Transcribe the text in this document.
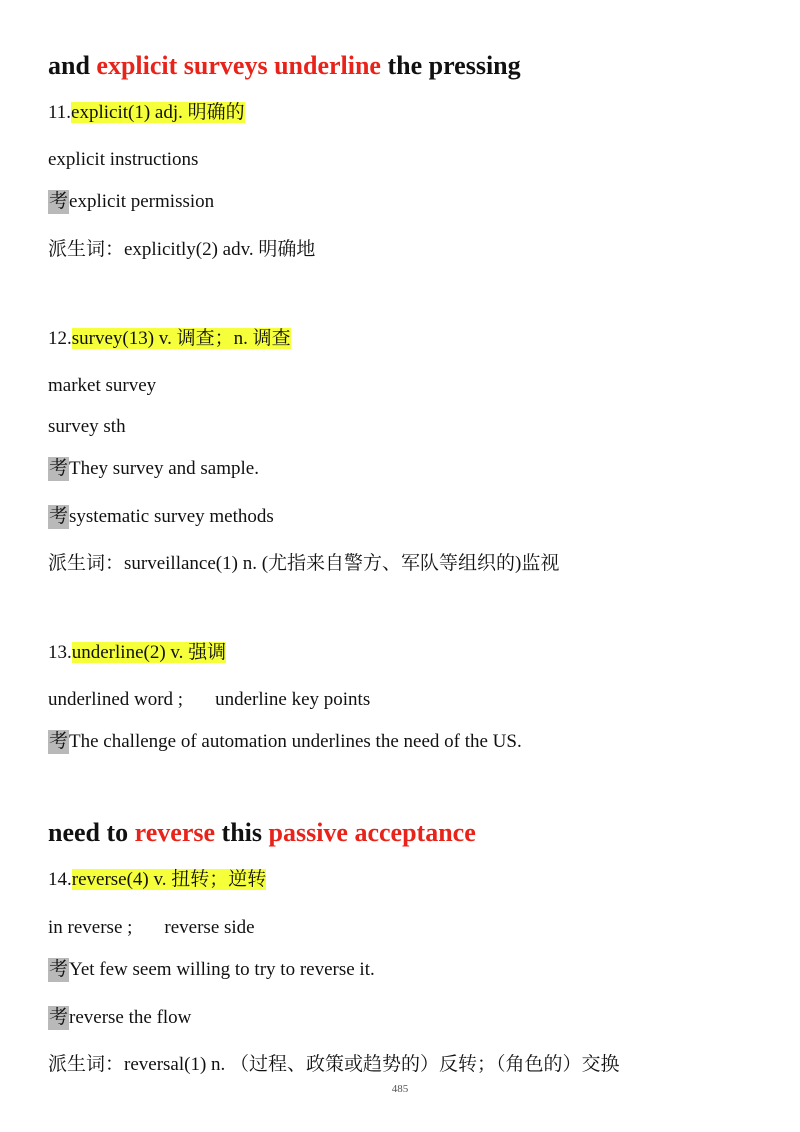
and explicit surveys underline the pressing
11.explicit(1) adj. 明确的
explicit instructions
考explicit permission
派生词：explicitly(2) adv. 明确地
12.survey(13) v. 调查；n. 调查
market survey
survey sth
考They survey and sample.
考systematic survey methods
派生词：surveillance(1) n. (尤指来自警方、军队等组织的)监视
13.underline(2) v. 强调
underlined word ; underline key points
考The challenge of automation underlines the need of the US.
need to reverse this passive acceptance
14.reverse(4) v. 扭转；逆转
in reverse ; reverse side
考Yet few seem willing to try to reverse it.
考reverse the flow
派生词：reversal(1) n. （过程、政策或趋势的）反转；（角色的）交换
485
